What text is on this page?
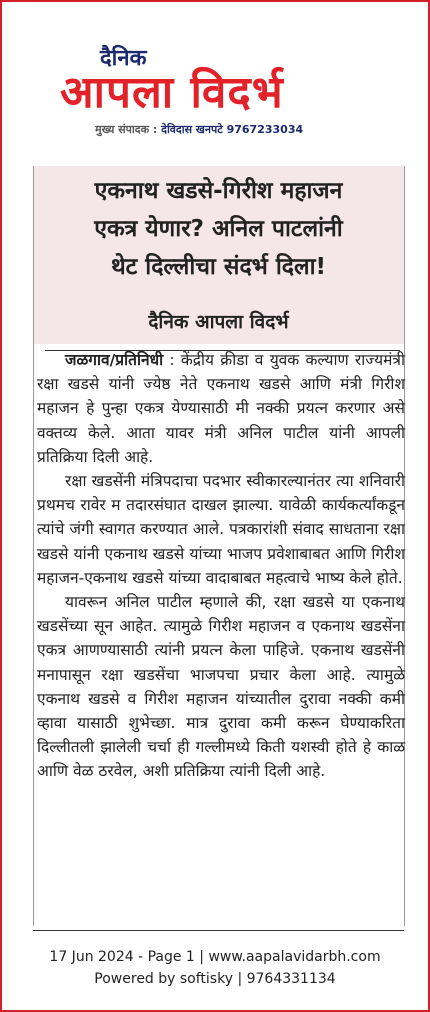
दैनिक
आपला विदर्भ
मुख्य संपादक : देविदास खनपटे 9767233034
एकनाथ खडसे-गिरीश महाजन
एकत्र येणार? अनिल पाटलांनी
थेट दिल्लीचा संदर्भ दिला!
दैनिक आपला विदर्भ

जळगाव/प्रतिनिधी : केंद्रीय क्रीडा व युवक कल्याण राज्यमंत्री रक्षा खडसे यांनी ज्येष्ठ नेते एकनाथ खडसे आणि मंत्री गिरीश महाजन हे पुन्हा एकत्र येण्यासाठी मी नक्की प्रयत्न करणार असे वक्तव्य केले. आता यावर मंत्री अनिल पाटील यांनी आपली प्रतिक्रिया दिली आहे.

रक्षा खडसेंनी मंत्रिपदाचा पदभार स्वीकारल्यानंतर त्या शनिवारी प्रथमच रावेर म तदारसंघात दाखल झाल्या. यावेळी कार्यकर्त्यांकडून त्यांचे जंगी स्वागत करण्यात आले. पत्रकारांशी संवाद साधताना रक्षा खडसे यांनी एकनाथ खडसे यांच्या भाजप प्रवेशाबाबत आणि गिरीश महाजन-एकनाथ खडसे यांच्या वादाबाबत महत्वाचे भाष्य केले होते.

यावरून अनिल पाटील म्हणाले की, रक्षा खडसे या एकनाथ खडसेंच्या सून आहेत. त्यामुळे गिरीश महाजन व एकनाथ खडसेंना एकत्र आणण्यासाठी त्यांनी प्रयत्न केला पाहिजे. एकनाथ खडसेंनी मनापासून रक्षा खडसेंचा भाजपचा प्रचार केला आहे. त्यामुळे एकनाथ खडसे व गिरीश महाजन यांच्यातील दुरावा नक्की कमी व्हावा यासाठी शुभेच्छा. मात्र दुरावा कमी करून घेण्याकरिता दिल्लीतली झालेली चर्चा ही गल्लीमध्ये किती यशस्वी होते हे काळ आणि वेळ ठरवेल, अशी प्रतिक्रिया त्यांनी दिली आहे.

17 Jun 2024 - Page 1 | www.aapalavidarbh.com
Powered by softisky | 9764331134
